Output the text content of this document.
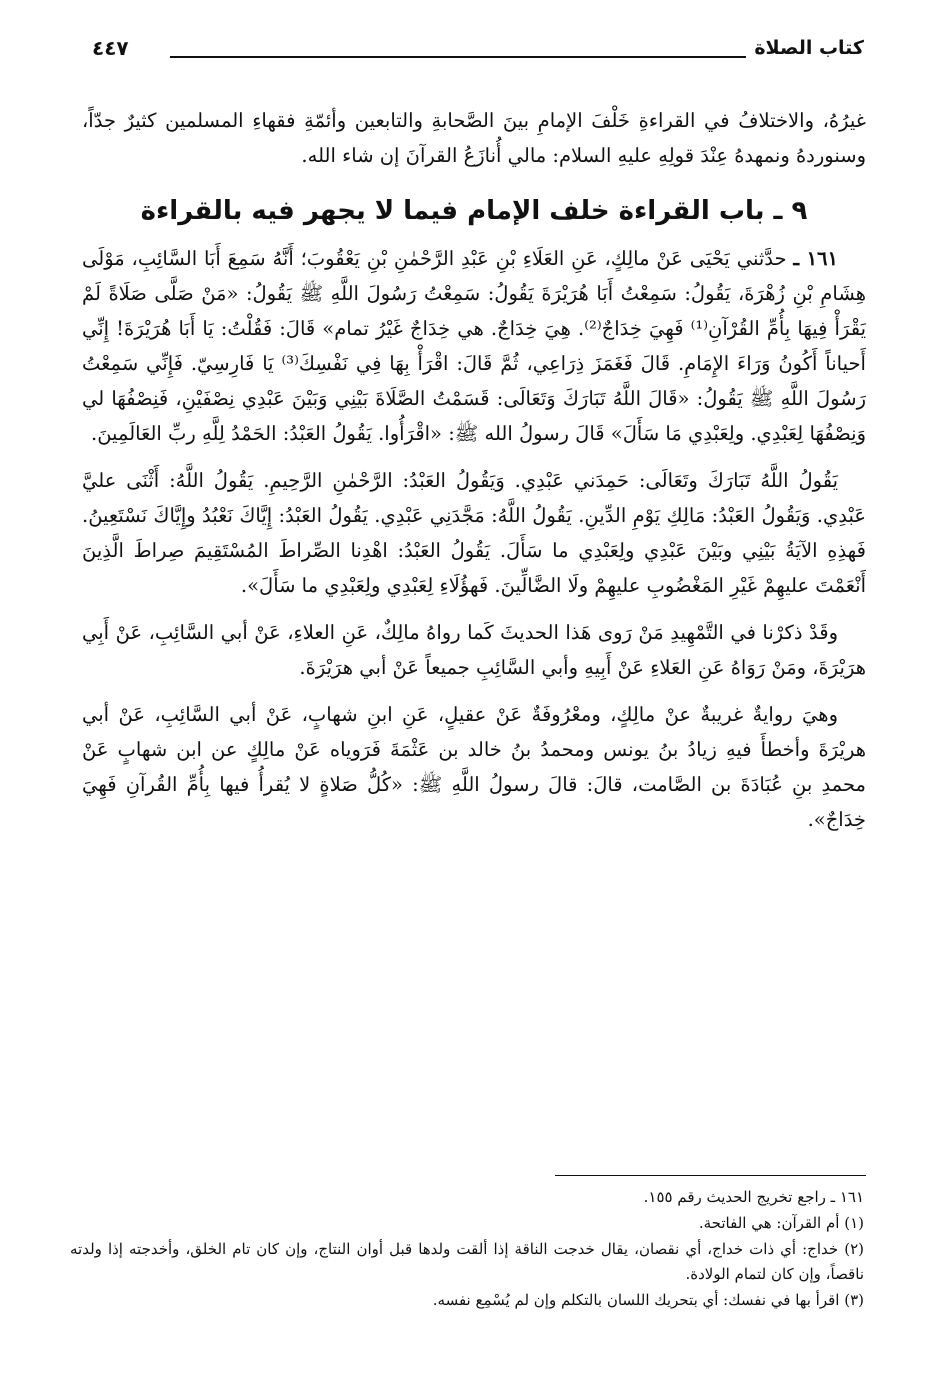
كتاب الصلاة
٤٤٧

غيرُهُ، والاختلافُ في القراءةِ خَلْفَ الإمامِ بينَ الصَّحابةِ والتابعين وأئمّةِ فقهاءِ المسلمين كثيرٌ جدّاً، وسنوردهُ ونمهدهُ عِنْدَ قولِهِ عليهِ السلام: مالي أُنازَعُ القرآنَ إن شاء الله.

٩ ـ باب القراءة خلف الإمام فيما لا يجهر فيه بالقراءة

١٦١ ـ حدَّثني يَحْيَى عَنْ مالِكٍ، عَنِ العَلَاءِ بْنِ عَبْدِ الرَّحْمٰنِ بْنِ يَعْقُوبَ؛ أَنَّهُ سَمِعَ أَبَا السَّائِبِ، مَوْلَى هِشَامِ بْنِ زُهْرَةَ، يَقُولُ: سَمِعْتُ أَبَا هُرَيْرَةَ يَقُولُ: سَمِعْتُ رَسُولَ اللَّهِ ﷺ يَقُولُ: «مَنْ صَلَّى صَلَاةً لَمْ يَقْرَأْ فِيهَا بِأُمِّ القُرْآنِ⁽¹⁾ فَهِيَ خِدَاجٌ⁽²⁾. هِيَ خِدَاجٌ. هي خِدَاجٌ غَيْرُ تمام» قَالَ: فَقُلْتُ: يَا أَبَا هُرَيْرَةَ! إِنِّي أَحياناً أَكُونُ وَرَاءَ الإِمَامِ. قَالَ فَغَمَزَ ذِرَاعِي، ثُمَّ قَالَ: اقْرَأْ بِهَا فِي نَفْسِكَ⁽³⁾ يَا فَارِسِيّ. فَإِنِّي سَمِعْتُ رَسُولَ اللَّهِ ﷺ يَقُولُ: «قَالَ اللَّهُ تَبَارَكَ وَتَعَالَى: قَسَمْتُ الصَّلَاةَ بَيْنِي وَبَيْنَ عَبْدِي نِصْفَيْنِ، فَنِصْفُهَا لي وَنِصْفُهَا لِعَبْدِي. ولِعَبْدِي مَا سَأَلَ» قَالَ رسولُ الله ﷺ: «اقْرَأُوا. يَقُولُ العَبْدُ: الحَمْدُ لِلَّهِ ربِّ العَالَمِينَ.

يَقُولُ اللَّهُ تَبَارَكَ وتَعَالَى: حَمِدَني عَبْدِي. وَيَقُولُ العَبْدُ: الرَّحْمٰنِ الرَّحِيمِ. يَقُولُ اللَّهُ: أَثْنَى عليَّ عَبْدِي. وَيَقُولُ العَبْدُ: مَالِكِ يَوْمِ الدِّينِ. يَقُولُ اللَّهُ: مَجَّدَنِي عَبْدِي. يَقُولُ العَبْدُ: إِيَّاكَ نَعْبُدُ وإِيَّاكَ نَسْتَعِينُ. فَهذِهِ الآيَةُ بَيْنِي وبَيْنَ عَبْدِي ولِعَبْدِي ما سَأَلَ. يَقُولُ العَبْدُ: اهْدِنا الصِّراطَ المُسْتَقِيمَ صِراطَ الَّذِينَ أَنْعَمْتَ عليهِمْ غَيْرِ المَغْضُوبِ عليهِمْ ولَا الضَّالِّينَ. فَهؤُلَاءِ لِعَبْدِي ولِعَبْدِي ما سَأَلَ».

وقَدْ ذكرْنا في التَّمْهِيدِ مَنْ رَوى هَذا الحديثَ كَما رواهُ مالِكٌ، عَنِ العلاءِ، عَنْ أبي السَّائِبِ، عَنْ أَبِي هرَيْرَةَ، ومَنْ رَوَاهُ عَنِ العَلاءِ عَنْ أَبِيهِ وأبي السَّائِبِ جميعاً عَنْ أبي هرَيْرَةَ.

وهيَ روايةٌ غريبةٌ عنْ مالِكٍ، ومعْرُوفَةٌ عَنْ عقيلٍ، عَنِ ابنِ شهابٍ، عَنْ أبي السَّائِبِ، عَنْ أبي هريْرَةَ وأخطأَ فيهِ زيادُ بنُ يونس ومحمدُ بنُ خالد بن عَثْمَةَ فَرَوياه عَنْ مالِكٍ عن ابن شهابٍ عَنْ محمدِ بنِ عُبَادَةَ بن الصَّامت، قالَ: قالَ رسولُ اللَّهِ ﷺ: «كُلُّ صَلاةٍ لا يُقرأُ فيها بِأُمِّ القُرآنِ فَهِيَ خِدَاجٌ».

١٦١ ـ راجع تخريج الحديث رقم ١٥٥.

(١) أم القرآن: هي الفاتحة.

(٢) خداج: أي ذات خداج، أي نقصان، يقال خدجت الناقة إذا ألقت ولدها قبل أوان النتاج، وإن كان تام الخلق، وأخدجته إذا ولدته ناقصاً، وإن كان لتمام الولادة.

(٣) اقرأ بها في نفسك: أي بتحريك اللسان بالتكلم وإن لم يُسْمِع نفسه.
